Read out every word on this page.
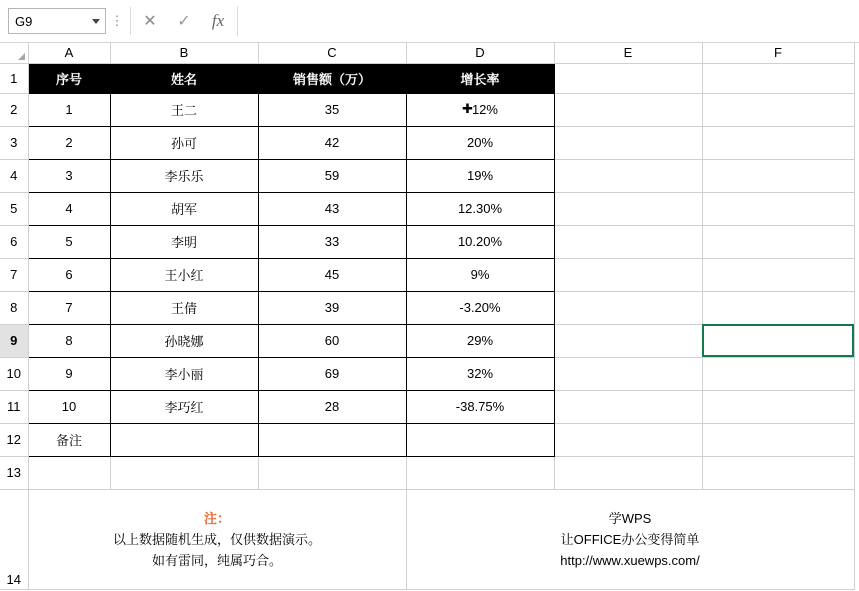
G9	⋮	✕	✓	fx
	A	B	C	D	E	F
1	序号	姓名	销售额（万）	增长率		
2	1	王二	35	✚12%		
3	2	孙可	42	20%		
4	3	李乐乐	59	19%		
5	4	胡军	43	12.30%		
6	5	李明	33	10.20%		
7	6	王小红	45	9%		
8	7	王倩	39	-3.20%		
9	8	孙晓娜	60	29%		
10	9	李小丽	69	32%		
11	10	李巧红	28	-38.75%		
12	备注					
13						
14	
注：
以上数据随机生成，仅供数据演示。
如有雷同，纯属巧合。

学WPS
让OFFICE办公变得简单
http://www.xuewps.com/
